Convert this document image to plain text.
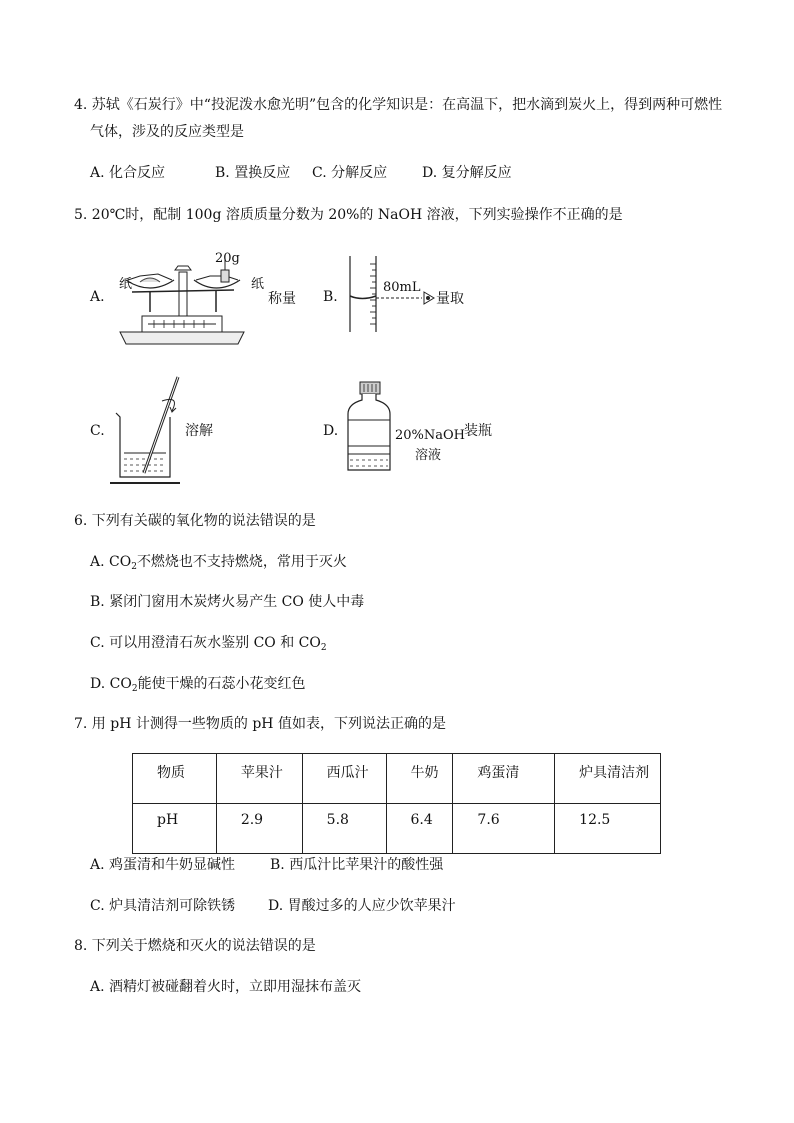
4. 苏轼《石炭行》中“投泥泼水愈光明”包含的化学知识是：在高温下，把水滴到炭火上，得到两种可燃性
气体，涉及的反应类型是
A. 化合反应	B. 置换反应 C. 分解反应 D. 复分解反应
5. 20℃时，配制 100g 溶质质量分数为 20%的 NaOH 溶液，下列实验操作不正确的是
A.
纸
20g
纸
称量 B.
80mL
量取
C.	溶解	D.	20%NaOH
溶液
装瓶
6. 下列有关碳的氧化物的说法错误的是
A. $CO_2$不燃烧也不支持燃烧，常用于灭火
B. 紧闭门窗用木炭烤火易产生 CO 使人中毒
C. 可以用澄清石灰水鉴别 CO 和 $CO_2$
D. $CO_2$能使干燥的石蕊小花变红色
7. 用 pH 计测得一些物质的 pH 值如表，下列说法正确的是
物质	苹果汁	西瓜汁	牛奶	鸡蛋清	炉具清洁剂
pH	2.9	5.8	6.4	7.6	12.5
A. 鸡蛋清和牛奶显碱性 B. 西瓜汁比苹果汁的酸性强
C. 炉具清洁剂可除铁锈 D. 胃酸过多的人应少饮苹果汁
8. 下列关于燃烧和灭火的说法错误的是
A. 酒精灯被碰翻着火时，立即用湿抹布盖灭
